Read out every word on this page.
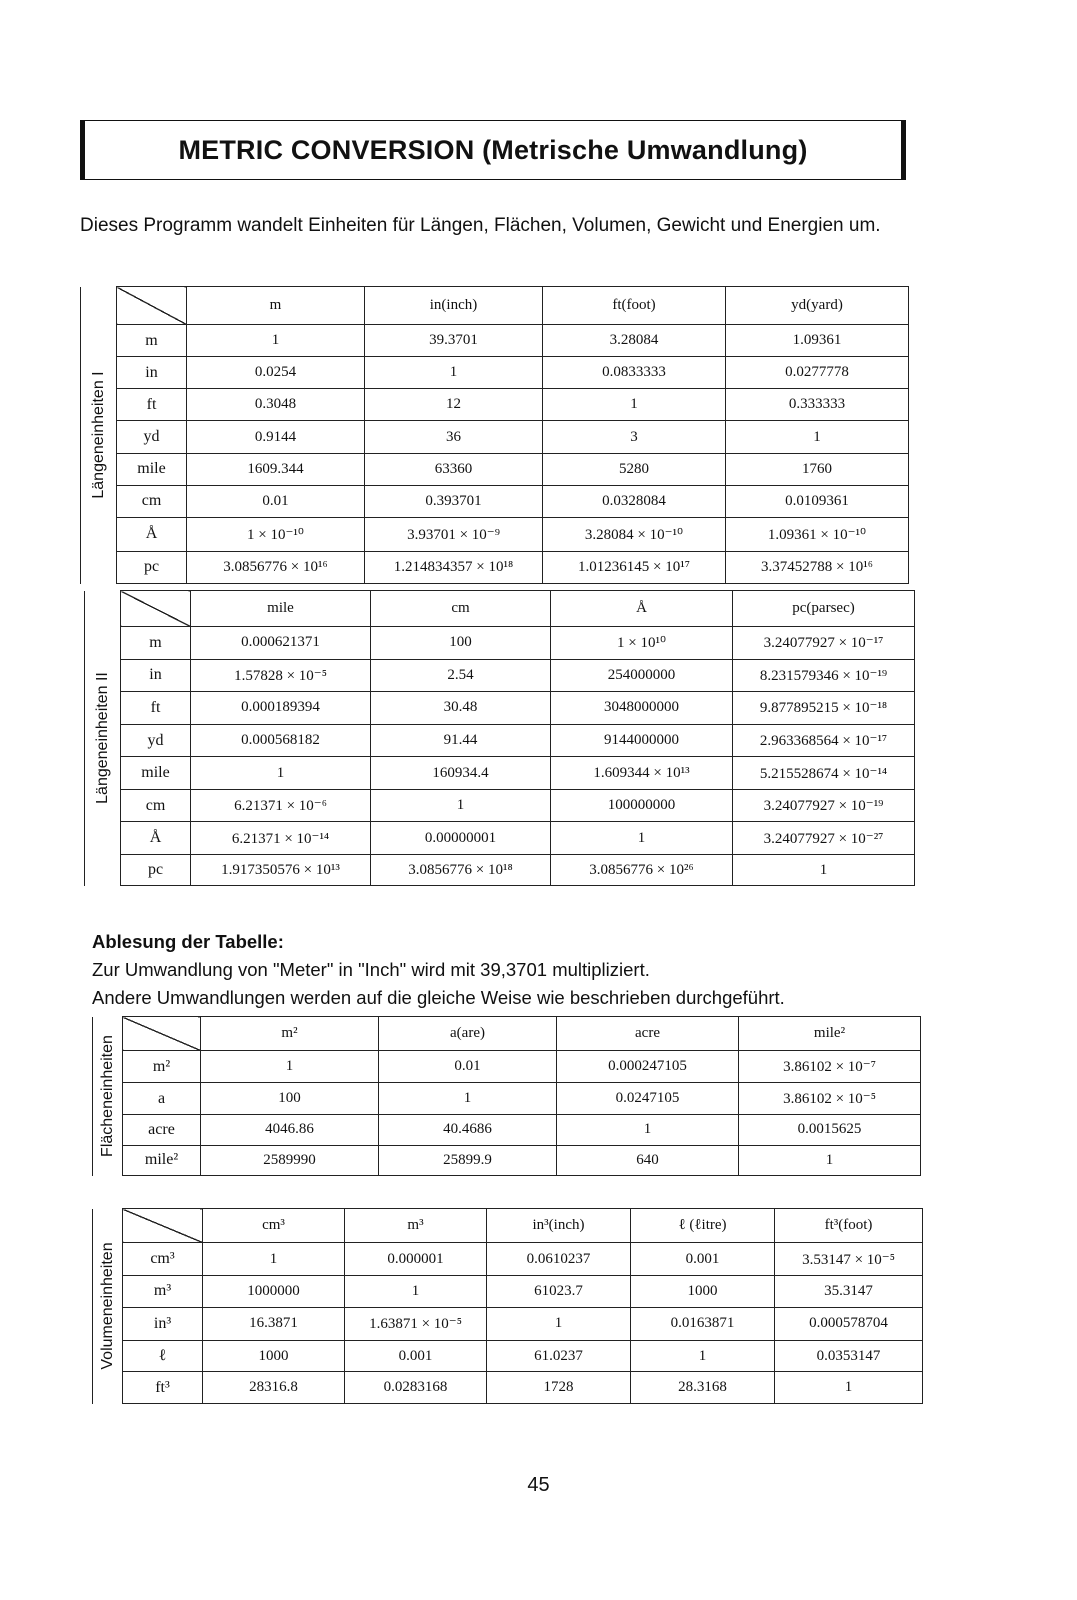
METRIC CONVERSION (Metrische Umwandlung)

Dieses Programm wandelt Einheiten für Längen, Flächen, Volumen, Gewicht und Energien um.

Längeneinheiten I		m	in(inch)	ft(foot)	yd(yard)
	m	1	39.3701	3.28084	1.09361
	in	0.0254	1	0.0833333	0.0277778
	ft	0.3048	12	1	0.333333
	yd	0.9144	36	3	1
	mile	1609.344	63360	5280	1760
	cm	0.01	0.393701	0.0328084	0.0109361
	Å	1 × 10⁻¹⁰	3.93701 × 10⁻⁹	3.28084 × 10⁻¹⁰	1.09361 × 10⁻¹⁰
	pc	3.0856776 × 10¹⁶	1.214834357 × 10¹⁸	1.01236145 × 10¹⁷	3.37452788 × 10¹⁶
Längeneinheiten II		mile	cm	Å	pc(parsec)
	m	0.000621371	100	1 × 10¹⁰	3.24077927 × 10⁻¹⁷
	in	1.57828 × 10⁻⁵	2.54	254000000	8.231579346 × 10⁻¹⁹
	ft	0.000189394	30.48	3048000000	9.877895215 × 10⁻¹⁸
	yd	0.000568182	91.44	9144000000	2.963368564 × 10⁻¹⁷
	mile	1	160934.4	1.609344 × 10¹³	5.215528674 × 10⁻¹⁴
	cm	6.21371 × 10⁻⁶	1	100000000	3.24077927 × 10⁻¹⁹
	Å	6.21371 × 10⁻¹⁴	0.00000001	1	3.24077927 × 10⁻²⁷
	pc	1.917350576 × 10¹³	3.0856776 × 10¹⁸	3.0856776 × 10²⁶	1
Ablesung der Tabelle:
Zur Umwandlung von "Meter" in "Inch" wird mit 39,3701 multipliziert.
Andere Umwandlungen werden auf die gleiche Weise wie beschrieben durchgeführt.
Flächeneinheiten		m²	a(are)	acre	mile²
	m²	1	0.01	0.000247105	3.86102 × 10⁻⁷
	a	100	1	0.0247105	3.86102 × 10⁻⁵
	acre	4046.86	40.4686	1	0.0015625
	mile²	2589990	25899.9	640	1
Volumeneinheiten		cm³	m³	in³(inch)	ℓ (ℓitre)	ft³(foot)
	cm³	1	0.000001	0.0610237	0.001	3.53147 × 10⁻⁵
	m³	1000000	1	61023.7	1000	35.3147
	in³	16.3871	1.63871 × 10⁻⁵	1	0.0163871	0.000578704
	ℓ	1000	0.001	61.0237	1	0.0353147
	ft³	28316.8	0.0283168	1728	28.3168	1
45
